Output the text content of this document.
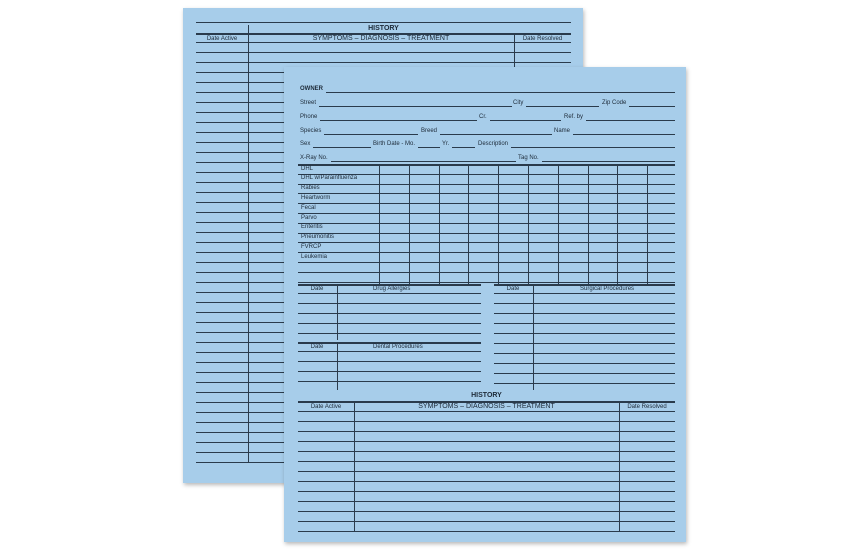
HISTORY
Date Active	SYMPTOMS – DIAGNOSIS – TREATMENT	Date Resolved
OWNER
Street	City	Zip Code
Phone	Cr.	Ref. by
Species	Breed	Name
Sex	Birth Date - Mo.	Yr.	Description
X-Ray No.	Tag No.
DHL
DHL w/Parainfluenza
Rabies
Heartworm
Fecal
Parvo
Enteritis
Pneumonitis
FVRCP
Leukemia
Date	Drug Allergies
Date	Dental Procedures
Date	Surgical Procedures
HISTORY
Date Active	SYMPTOMS – DIAGNOSIS – TREATMENT	Date Resolved
